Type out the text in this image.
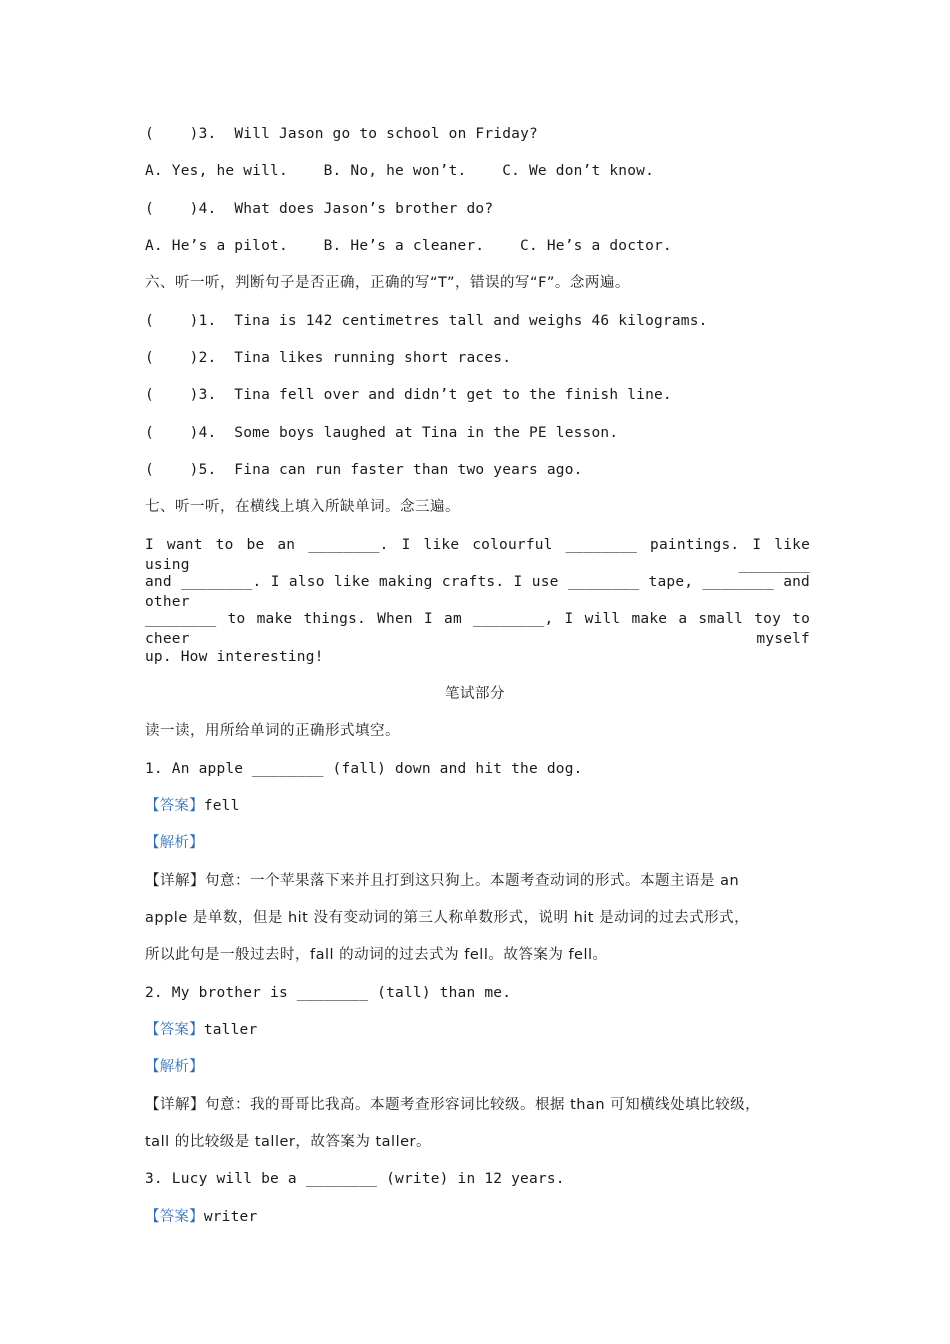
(    )3. Will Jason go to school on Friday?
A. Yes, he will.    B. No, he won’t.    C. We don’t know.
(    )4. What does Jason’s brother do?
A. He’s a pilot.    B. He’s a cleaner.    C. He’s a doctor.
六、听一听，判断句子是否正确，正确的写“T”，错误的写“F”。念两遍。
(    )1.  Tina is 142 centimetres tall and weighs 46 kilograms.
(    )2.  Tina likes running short races.
(    )3.  Tina fell over and didn’t get to the finish line.
(    )4.  Some boys laughed at Tina in the PE lesson.
(    )5.  Fina can run faster than two years ago.
七、听一听，在横线上填入所缺单词。念三遍。
I want to be an ________. I like colourful ________ paintings. I like using ________
and ________. I also like making crafts. I use ________ tape, ________ and other
________ to make things. When I am ________, I will make a small toy to cheer myself
up. How interesting!
笔试部分
读一读，用所给单词的正确形式填空。
1. An apple ________ (fall) down and hit the dog.
【答案】fell
【解析】
【详解】句意：一个苹果落下来并且打到这只狗上。本题考查动词的形式。本题主语是 an
apple 是单数，但是 hit 没有变动词的第三人称单数形式，说明 hit 是动词的过去式形式，
所以此句是一般过去时，fall 的动词的过去式为 fell。故答案为 fell。
2. My brother is ________ (tall) than me.
【答案】taller
【解析】
【详解】句意：我的哥哥比我高。本题考查形容词比较级。根据 than 可知横线处填比较级，
tall 的比较级是 taller，故答案为 taller。
3. Lucy will be a ________ (write) in 12 years.
【答案】writer
